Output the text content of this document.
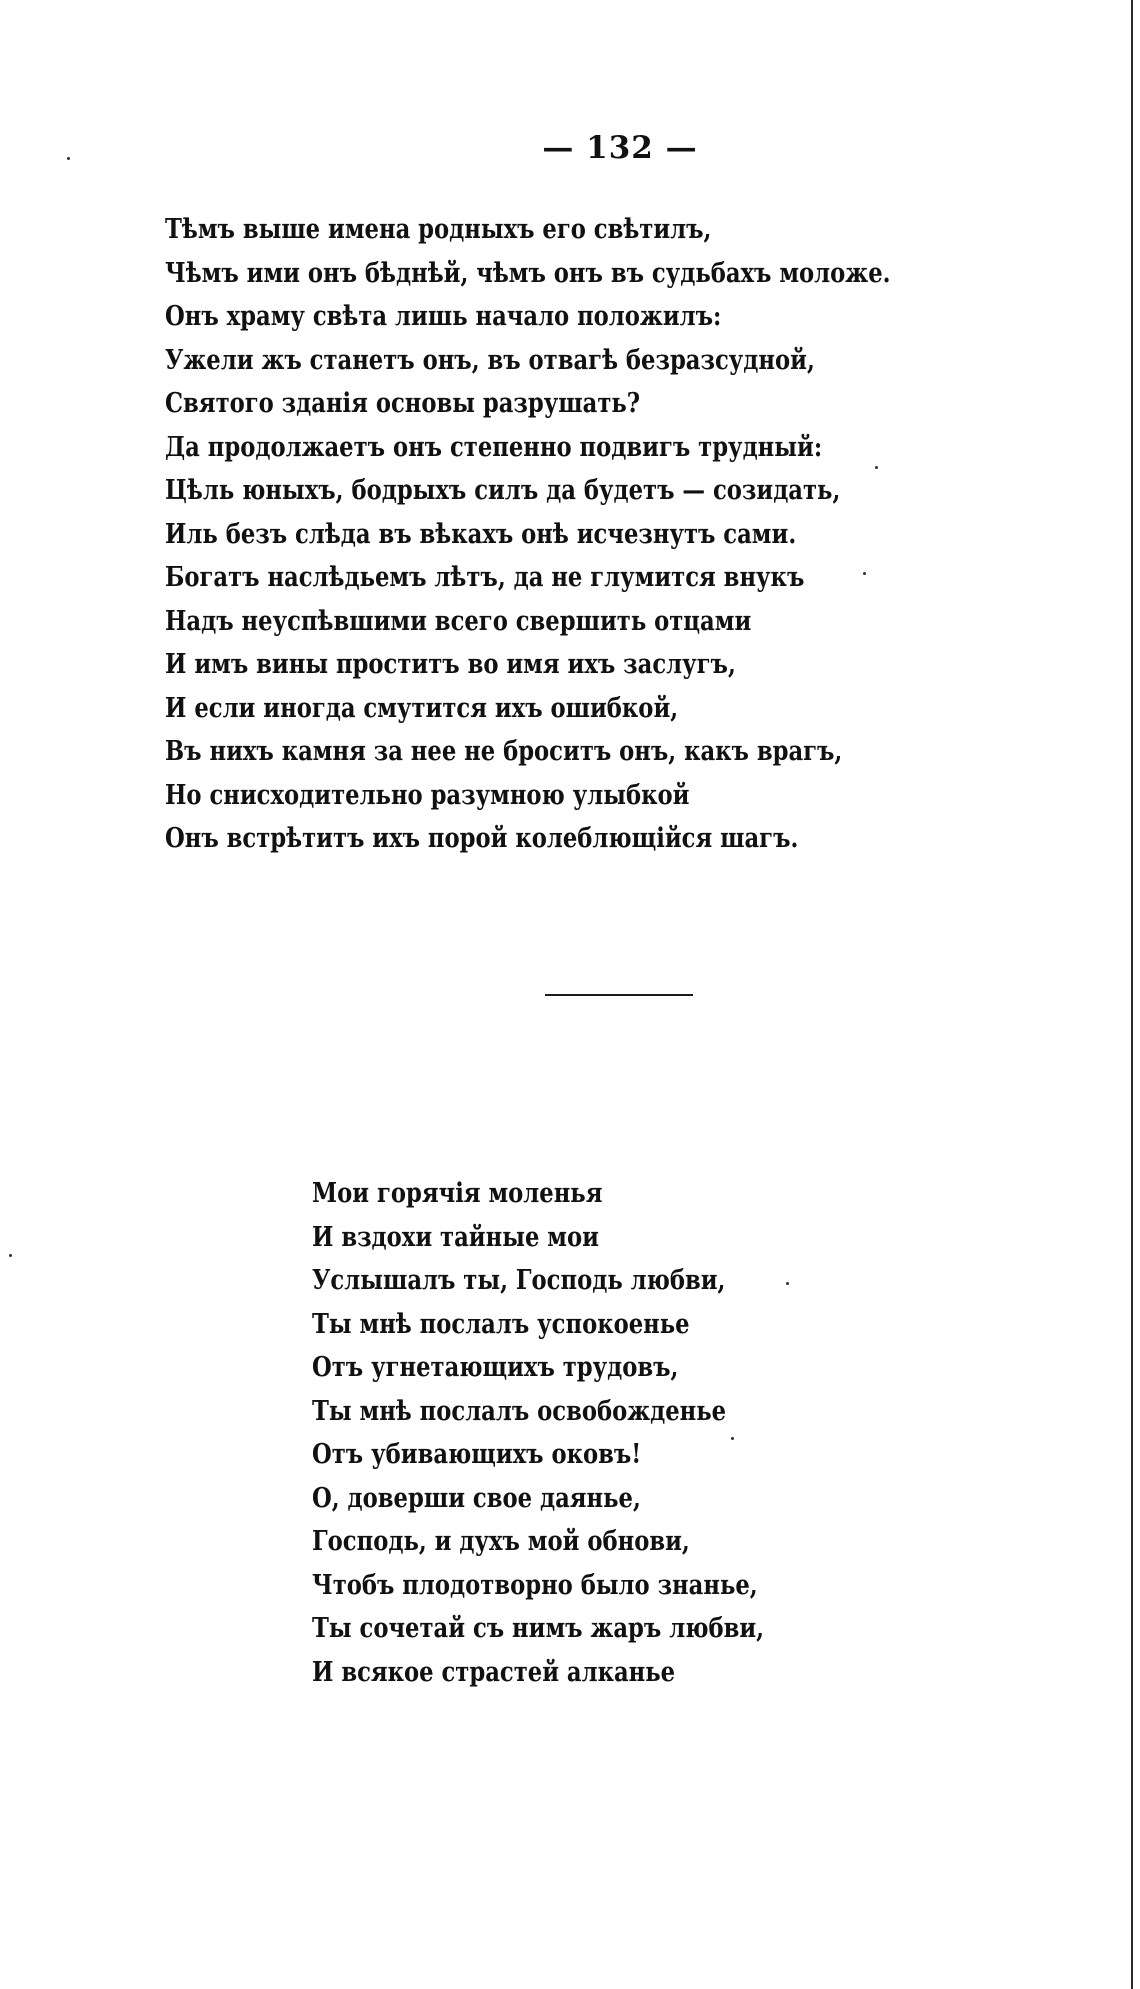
— 132 —
Тѣмъ выше имена родныхъ его свѣтилъ,
Чѣмъ ими онъ бѣднѣй, чѣмъ онъ въ судьбахъ моложе.
Онъ храму свѣта лишь начало положилъ:
Ужели жъ станетъ онъ, въ отвагѣ безразсудной,
Святого зданія основы разрушать?
Да продолжаетъ онъ степенно подвигъ трудный:
Цѣль юныхъ, бодрыхъ силъ да будетъ — созидать,
Иль безъ слѣда въ вѣкахъ онѣ исчезнутъ сами.
Богатъ наслѣдьемъ лѣтъ, да не глумится внукъ
Надъ неуспѣвшими всего свершить отцами
И имъ вины проститъ во имя ихъ заслугъ,
И если иногда смутится ихъ ошибкой,
Въ нихъ камня за нее не броситъ онъ, какъ врагъ,
Но снисходительно разумною улыбкой
Онъ встрѣтитъ ихъ порой колеблющійся шагъ.
Мои горячія моленья
И вздохи тайные мои
Услышалъ ты, Господь любви,
Ты мнѣ послалъ успокоенье
Отъ угнетающихъ трудовъ,
Ты мнѣ послалъ освобожденье
Отъ убивающихъ оковъ!
О, доверши свое даянье,
Господь, и духъ мой обнови,
Чтобъ плодотворно было знанье,
Ты сочетай съ нимъ жаръ любви,
И всякое страстей алканье
